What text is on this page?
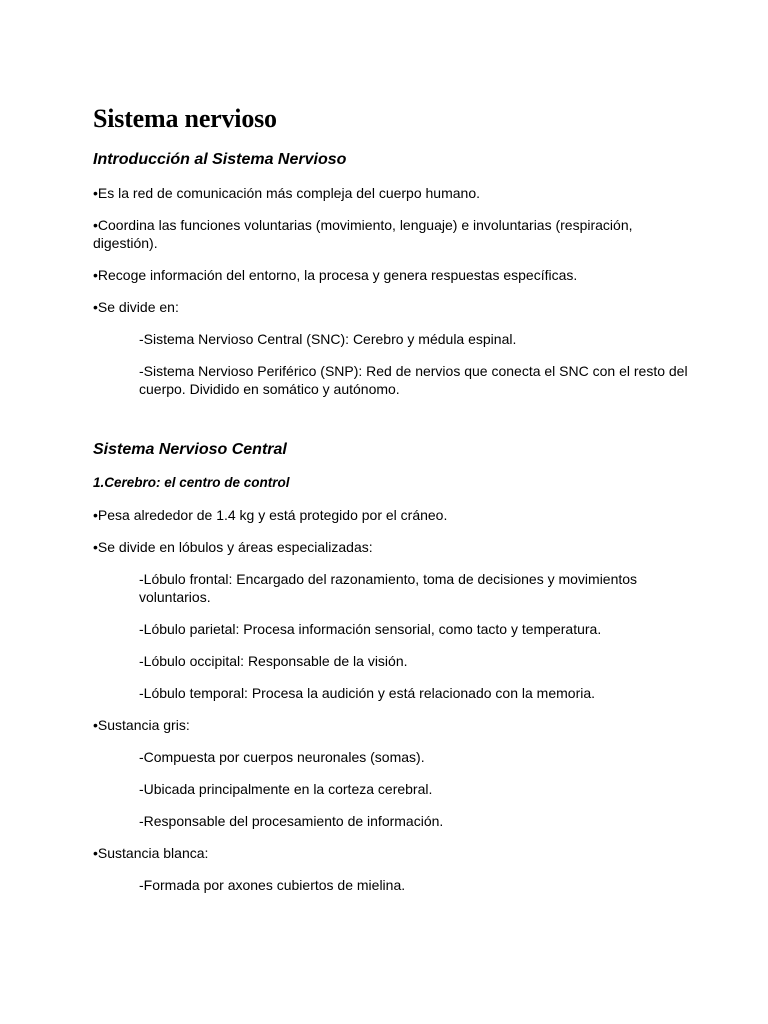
Sistema nervioso
Introducción al Sistema Nervioso

•Es la red de comunicación más compleja del cuerpo humano.

•Coordina las funciones voluntarias (movimiento, lenguaje) e involuntarias (respiración, digestión).

•Recoge información del entorno, la procesa y genera respuestas específicas.

•Se divide en:

-Sistema Nervioso Central (SNC): Cerebro y médula espinal.

-Sistema Nervioso Periférico (SNP): Red de nervios que conecta el SNC con el resto del cuerpo. Dividido en somático y autónomo.

Sistema Nervioso Central
1.Cerebro: el centro de control

•Pesa alrededor de 1.4 kg y está protegido por el cráneo.

•Se divide en lóbulos y áreas especializadas:

-Lóbulo frontal: Encargado del razonamiento, toma de decisiones y movimientos voluntarios.

-Lóbulo parietal: Procesa información sensorial, como tacto y temperatura.

-Lóbulo occipital: Responsable de la visión.

-Lóbulo temporal: Procesa la audición y está relacionado con la memoria.

•Sustancia gris:

-Compuesta por cuerpos neuronales (somas).

-Ubicada principalmente en la corteza cerebral.

-Responsable del procesamiento de información.

•Sustancia blanca:

-Formada por axones cubiertos de mielina.
